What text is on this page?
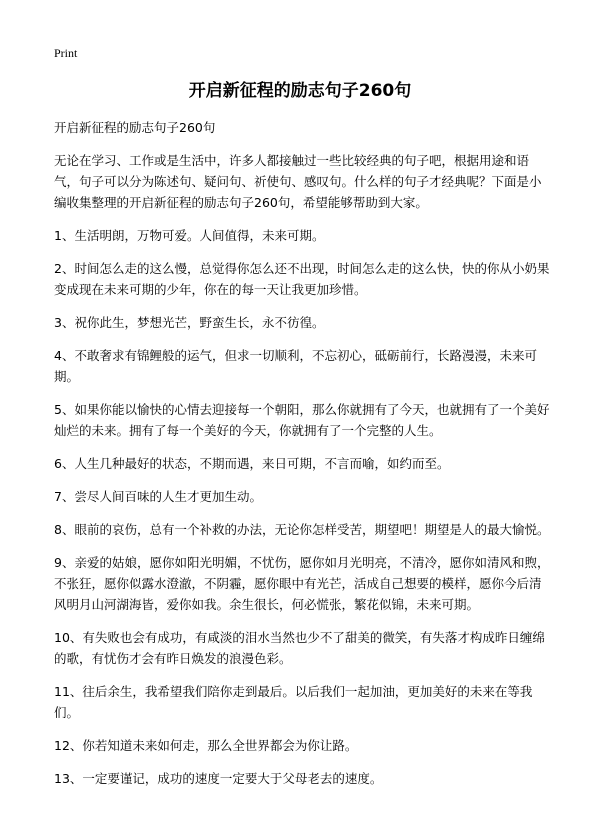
Print
开启新征程的励志句子260句

开启新征程的励志句子260句

无论在学习、工作或是生活中，许多人都接触过一些比较经典的句子吧，根据用途和语气，句子可以分为陈述句、疑问句、祈使句、感叹句。什么样的句子才经典呢？下面是小编收集整理的开启新征程的励志句子260句，希望能够帮助到大家。

1、生活明朗，万物可爱。人间值得，未来可期。

2、时间怎么走的这么慢，总觉得你怎么还不出现，时间怎么走的这么快，快的你从小奶果变成现在未来可期的少年，你在的每一天让我更加珍惜。

3、祝你此生，梦想光芒，野蛮生长，永不彷徨。

4、不敢奢求有锦鲤般的运气，但求一切顺利，不忘初心，砥砺前行，长路漫漫，未来可期。

5、如果你能以愉快的心情去迎接每一个朝阳，那么你就拥有了今天，也就拥有了一个美好灿烂的未来。拥有了每一个美好的今天，你就拥有了一个完整的人生。

6、人生几种最好的状态，不期而遇，来日可期，不言而喻，如约而至。

7、尝尽人间百味的人生才更加生动。

8、眼前的哀伤，总有一个补救的办法，无论你怎样受苦，期望吧！期望是人的最大愉悦。

9、亲爱的姑娘，愿你如阳光明媚，不忧伤，愿你如月光明亮，不清冷，愿你如清风和煦，不张狂，愿你似露水澄澈，不阴霾，愿你眼中有光芒，活成自己想要的模样，愿你今后清风明月山河湖海皆，爱你如我。余生很长，何必慌张，繁花似锦，未来可期。

10、有失败也会有成功，有咸淡的泪水当然也少不了甜美的微笑，有失落才构成昨日缠绵的歌，有忧伤才会有昨日焕发的浪漫色彩。

11、往后余生，我希望我们陪你走到最后。以后我们一起加油，更加美好的未来在等我们。

12、你若知道未来如何走，那么全世界都会为你让路。

13、一定要谨记，成功的速度一定要大于父母老去的速度。
